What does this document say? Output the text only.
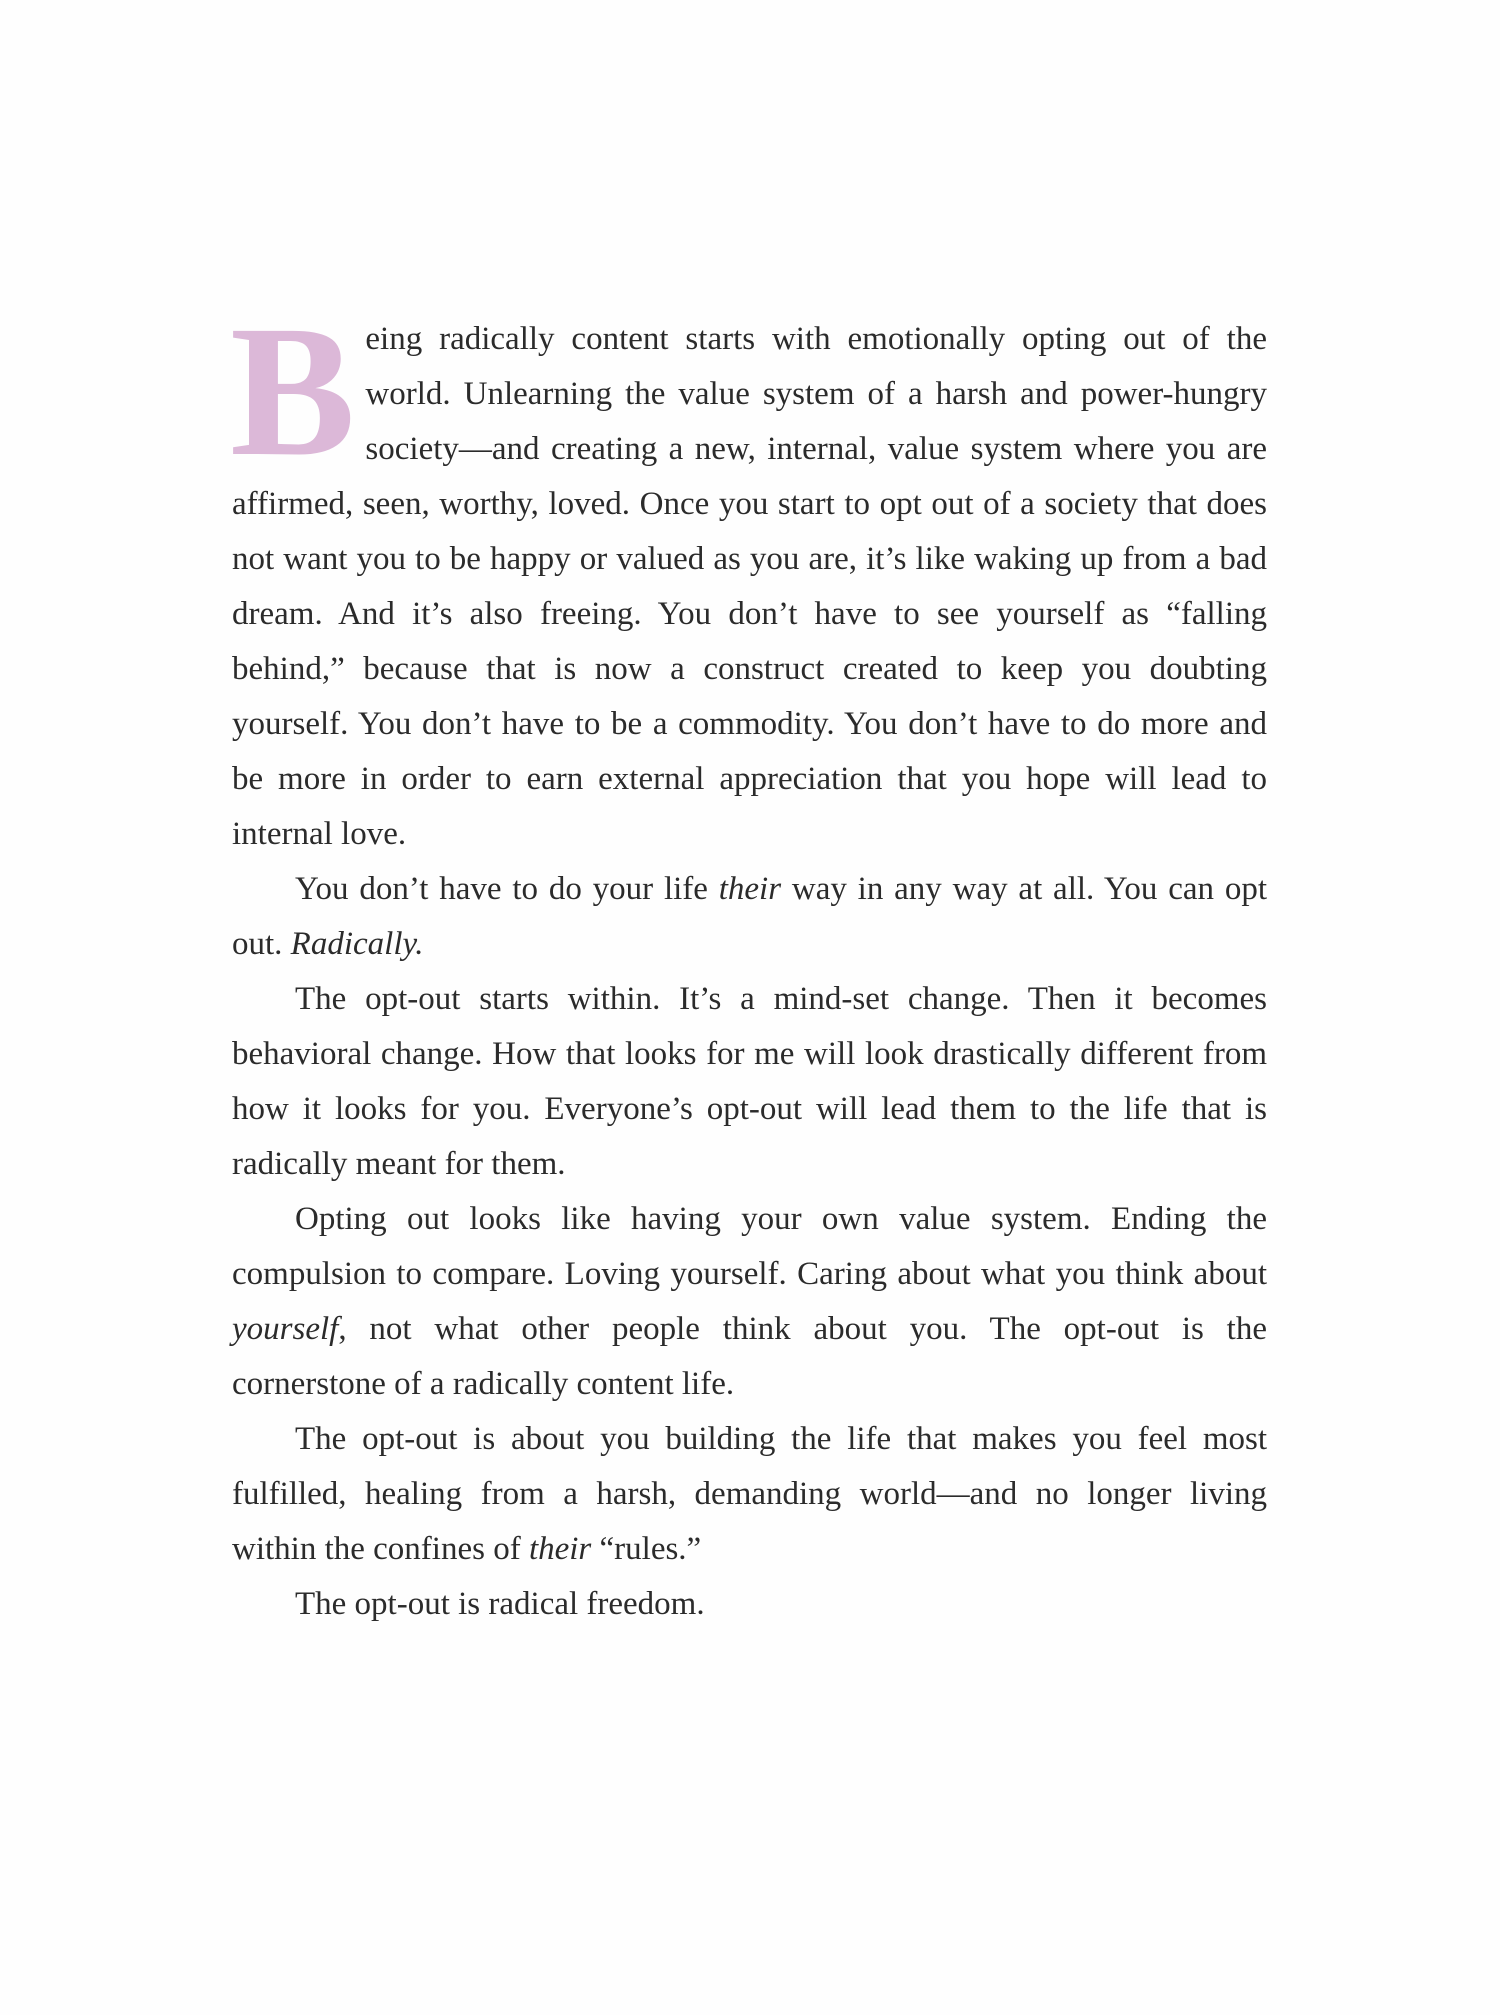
Being radically content starts with emotionally opting out of the world. Unlearning the value system of a harsh and power-hungry society—and creating a new, internal, value system where you are affirmed, seen, worthy, loved. Once you start to opt out of a society that does not want you to be happy or valued as you are, it’s like waking up from a bad dream. And it’s also freeing. You don’t have to see yourself as “falling behind,” because that is now a construct created to keep you doubting yourself. You don’t have to be a commodity. You don’t have to do more and be more in order to earn external appreciation that you hope will lead to internal love.

You don’t have to do your life their way in any way at all. You can opt out. Radically.

The opt-out starts within. It’s a mind-set change. Then it becomes behavioral change. How that looks for me will look drastically different from how it looks for you. Everyone’s opt-out will lead them to the life that is radically meant for them.

Opting out looks like having your own value system. Ending the compulsion to compare. Loving yourself. Caring about what you think about yourself, not what other people think about you. The opt-out is the cornerstone of a radically content life.

The opt-out is about you building the life that makes you feel most fulfilled, healing from a harsh, demanding world—and no longer living within the confines of their “rules.”

The opt-out is radical freedom.
